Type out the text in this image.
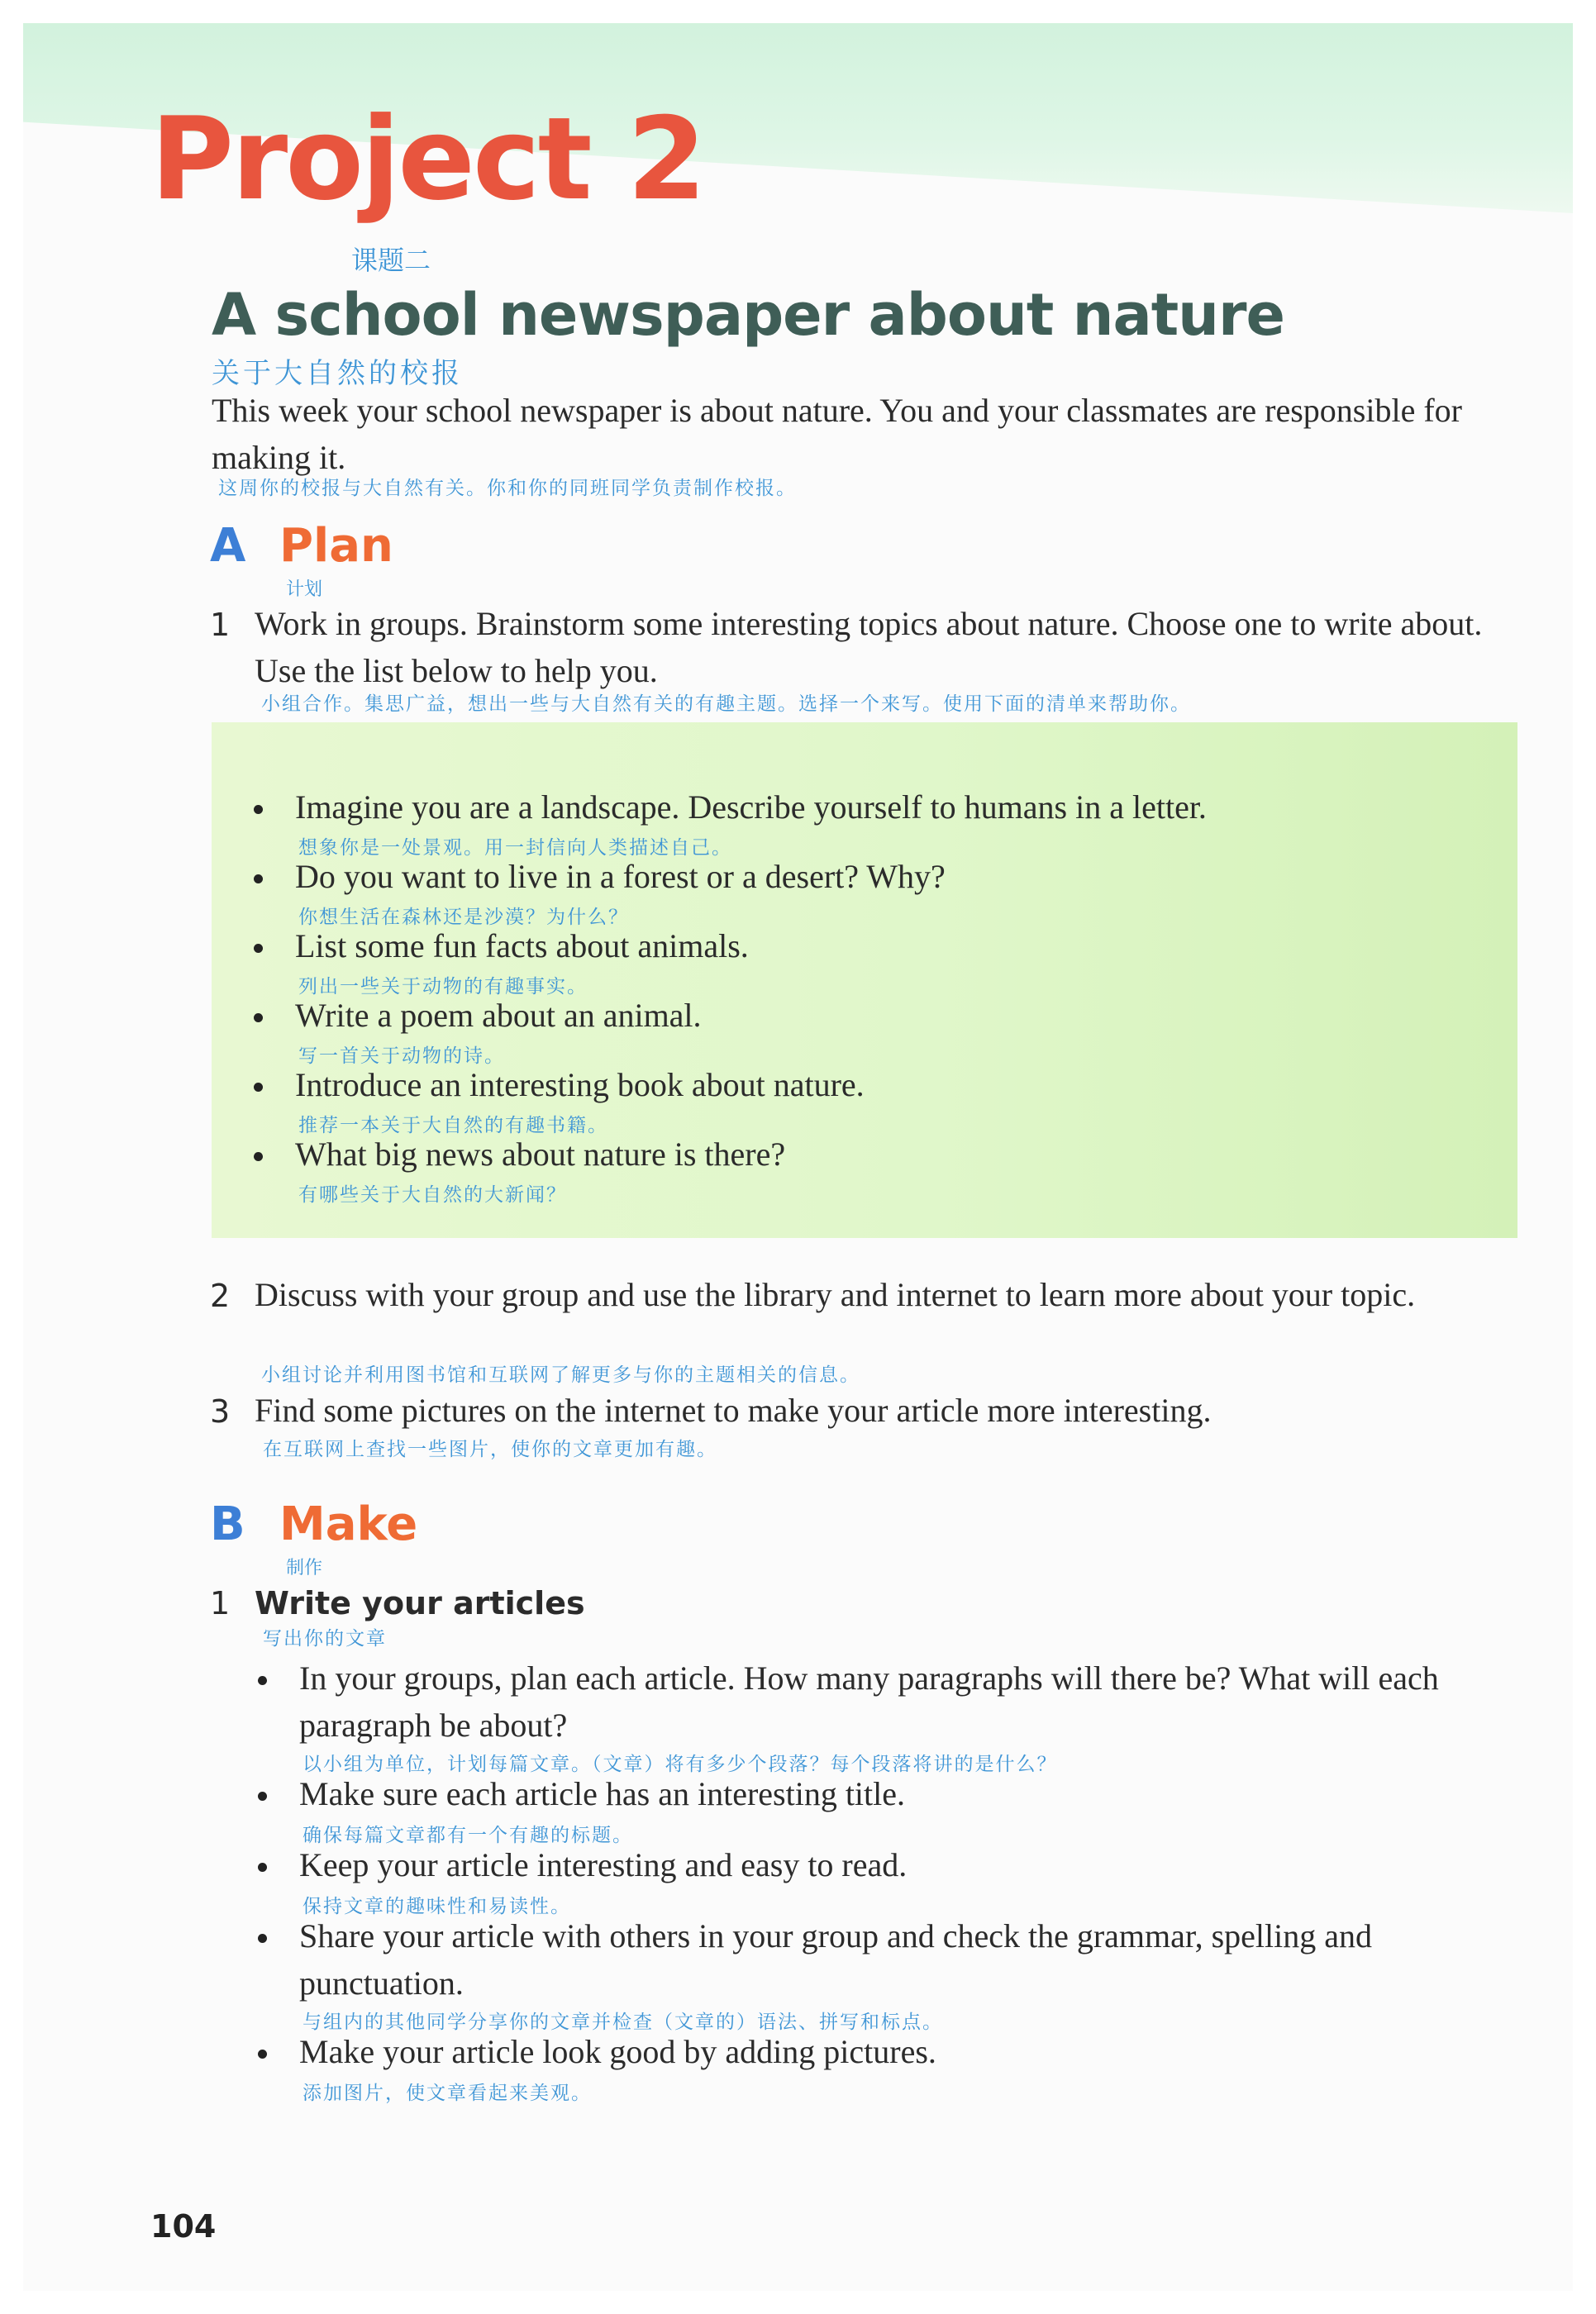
Project 2
课题二
A school newspaper about nature
关于大自然的校报
This week your school newspaper is about nature. You and your classmates are responsible for making it.
这周你的校报与大自然有关。你和你的同班同学负责制作校报。
A Plan
计划
1 Work in groups. Brainstorm some interesting topics about nature. Choose one to write about. Use the list below to help you.
小组合作。集思广益，想出一些与大自然有关的有趣主题。选择一个来写。使用下面的清单来帮助你。
Imagine you are a landscape. Describe yourself to humans in a letter.
想象你是一处景观。用一封信向人类描述自己。
Do you want to live in a forest or a desert? Why?
你想生活在森林还是沙漠？为什么？
List some fun facts about animals.
列出一些关于动物的有趣事实。
Write a poem about an animal.
写一首关于动物的诗。
Introduce an interesting book about nature.
推荐一本关于大自然的有趣书籍。
What big news about nature is there?
有哪些关于大自然的大新闻？
2 Discuss with your group and use the library and internet to learn more about your topic.
小组讨论并利用图书馆和互联网了解更多与你的主题相关的信息。
3 Find some pictures on the internet to make your article more interesting.
在互联网上查找一些图片，使你的文章更加有趣。
B Make
制作
1 Write your articles
写出你的文章
In your groups, plan each article. How many paragraphs will there be? What will each paragraph be about?
以小组为单位，计划每篇文章。（文章）将有多少个段落？每个段落将讲的是什么？
Make sure each article has an interesting title.
确保每篇文章都有一个有趣的标题。
Keep your article interesting and easy to read.
保持文章的趣味性和易读性。
Share your article with others in your group and check the grammar, spelling and punctuation.
与组内的其他同学分享你的文章并检查（文章的）语法、拼写和标点。
Make your article look good by adding pictures.
添加图片，使文章看起来美观。
104
